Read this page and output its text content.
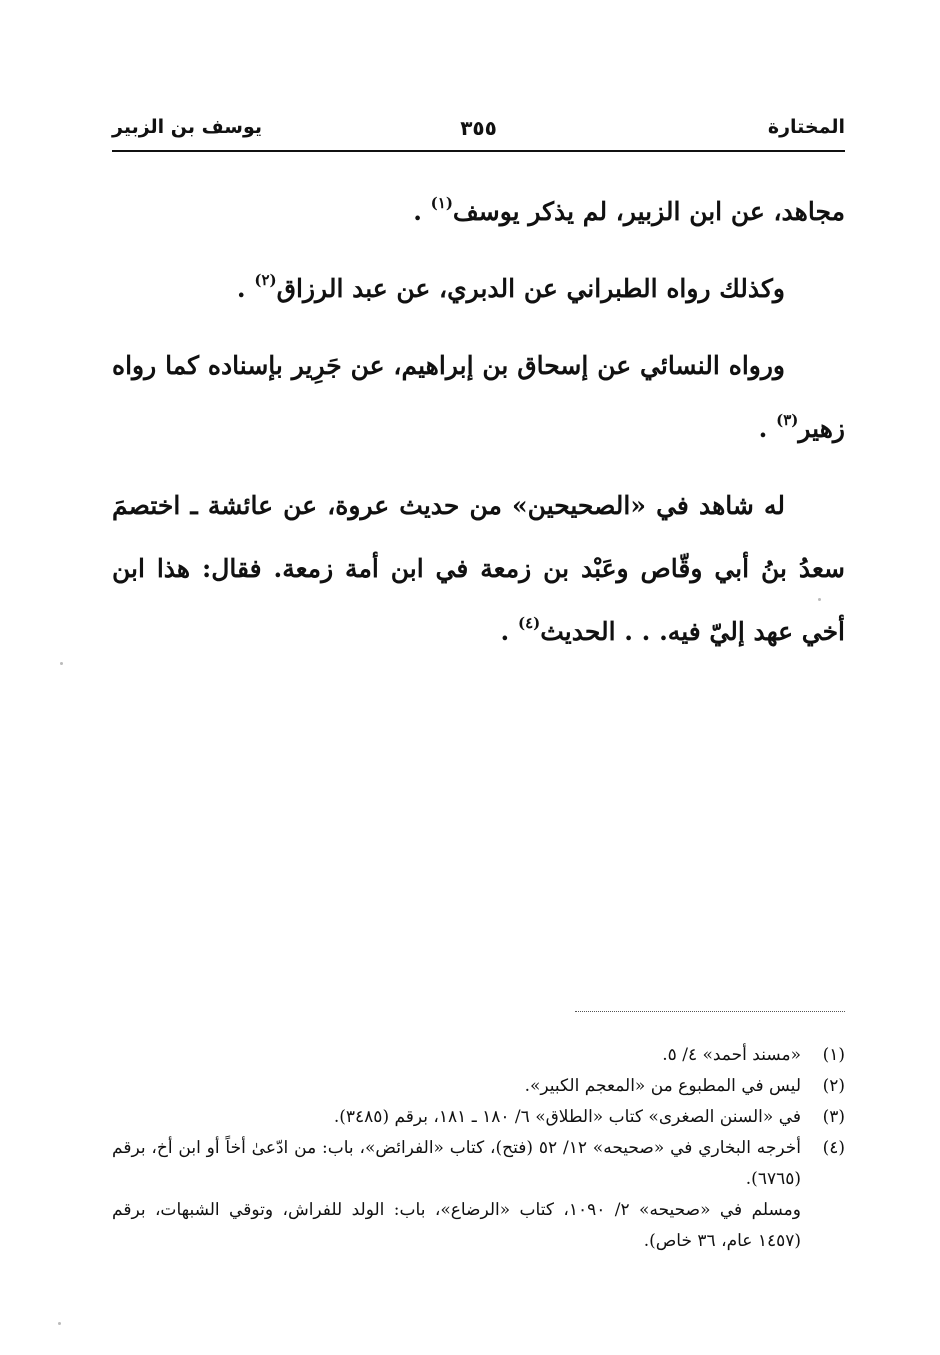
المختارة
٣٥٥
يوسف بن الزبير

مجاهد، عن ابن الزبير، لم يذكر يوسف$^{(١)}$ .

وكذلك رواه الطبراني عن الدبري، عن عبد الرزاق$^{(٢)}$ .

ورواه النسائي عن إسحاق بن إبراهيم، عن جَرِير بإسناده كما رواه زهير$^{(٣)}$ .

له شاهد في «الصحيحين» من حديث عروة، عن عائشة ـ اختصمَ سعدُ بنُ أبي وقّاص وعَبْد بن زمعة في ابن أمة زمعة. فقال: هذا ابن أخي عهد إليّ فيه. . . الحديث$^{(٤)}$ .

(١)
«مسند أحمد» ٤/ ٥.
(٢)
ليس في المطبوع من «المعجم الكبير».
(٣)
في «السنن الصغرى» كتاب «الطلاق» ٦/ ١٨٠ ـ ١٨١، برقم (٣٤٨٥).
(٤)
أخرجه البخاري في «صحيحه» ١٢/ ٥٢ (فتح)، كتاب «الفرائض»، باب: من ادّعىٰ أخاً أو ابن أخ، برقم (٦٧٦٥).
ومسلم في «صحيحه» ٢/ ١٠٩٠، كتاب «الرضاع»، باب: الولد للفراش، وتوقي الشبهات، برقم (١٤٥٧ عام، ٣٦ خاص).
